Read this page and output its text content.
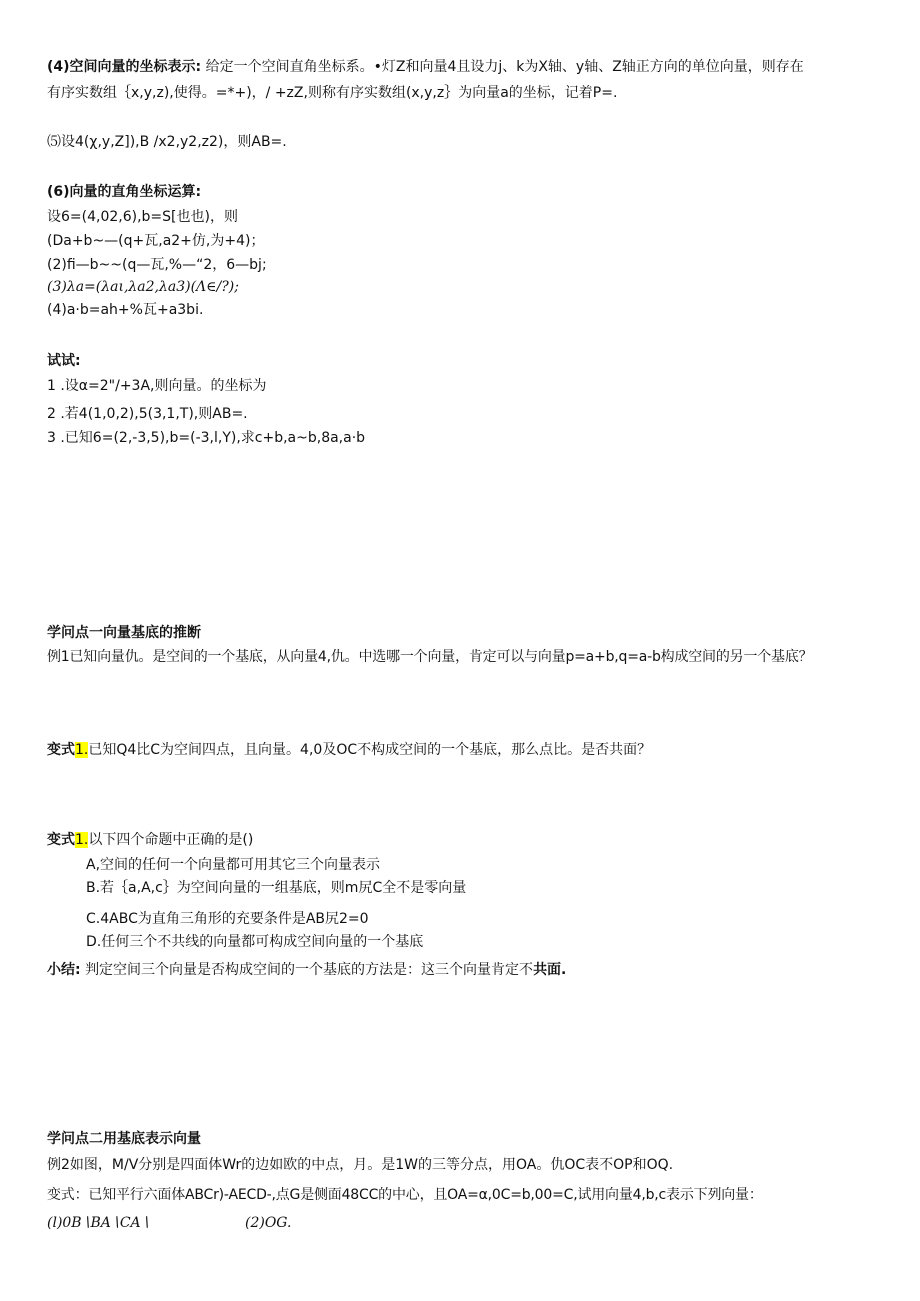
(4)空间向量的坐标表示: 给定一个空间直角坐标系。•灯Z和向量4且设力j、k为X轴、y轴、Z轴正方向的单位向量，则存在
有序实数组｛x,y,z),使得。=*+)，/ +zZ,则称有序实数组(x,y,z｝为向量a的坐标，记着P=.
⑸设4(χ,y,Z]),B /x2,y2,z2)，则AB=.
(6)向量的直角坐标运算:
设6=(4,02,6),b=S[也也)，则
(Da+b~—(q+瓦,a2+仿,为+4)；
(2)fi—b~~(q—瓦,%—“2，6—bj;
(3)λa=(λaι,λa2,λa3)(Λ∈/?);
(4)a·b=ah+%瓦+a3bi.
试试:
1 .设α=2"/+3A,则向量。的坐标为
2 .若4(1,0,2),5(3,1,T),则AB=.
3 .已知6=(2,-3,5),b=(-3,l,Y),求c+b,a~b,8a,a·b
学问点一向量基底的推断
例1已知向量仇。是空间的一个基底，从向量4,仇。中选哪一个向量，肯定可以与向量p=a+b,q=a-b构成空间的另一个基底？
变式1.已知Q4比C为空间四点，且向量。4,0及OC不构成空间的一个基底，那么点比。是否共面？
变式1.以下四个命题中正确的是()
A,空间的任何一个向量都可用其它三个向量表示
B.若｛a,A,c｝为空间向量的一组基底，则m尻C全不是零向量
C.4ABC为直角三角形的充要条件是AB尻2=0
D.任何三个不共线的向量都可构成空间向量的一个基底
小结: 判定空间三个向量是否构成空间的一个基底的方法是：这三个向量肯定不共面.
学问点二用基底表示向量
例2如图，M/V分别是四面体Wr的边如欧的中点，月。是1W的三等分点，用OA。仇OC表不OP和OQ.
变式：已知平行六面体ABCr)-AECD-,点G是侧面48CC的中心，且OA=α,0C=b,00=C,试用向量4,b,c表示下列向量：
(l)0B∖BA∖CA∖	(2)OG.
